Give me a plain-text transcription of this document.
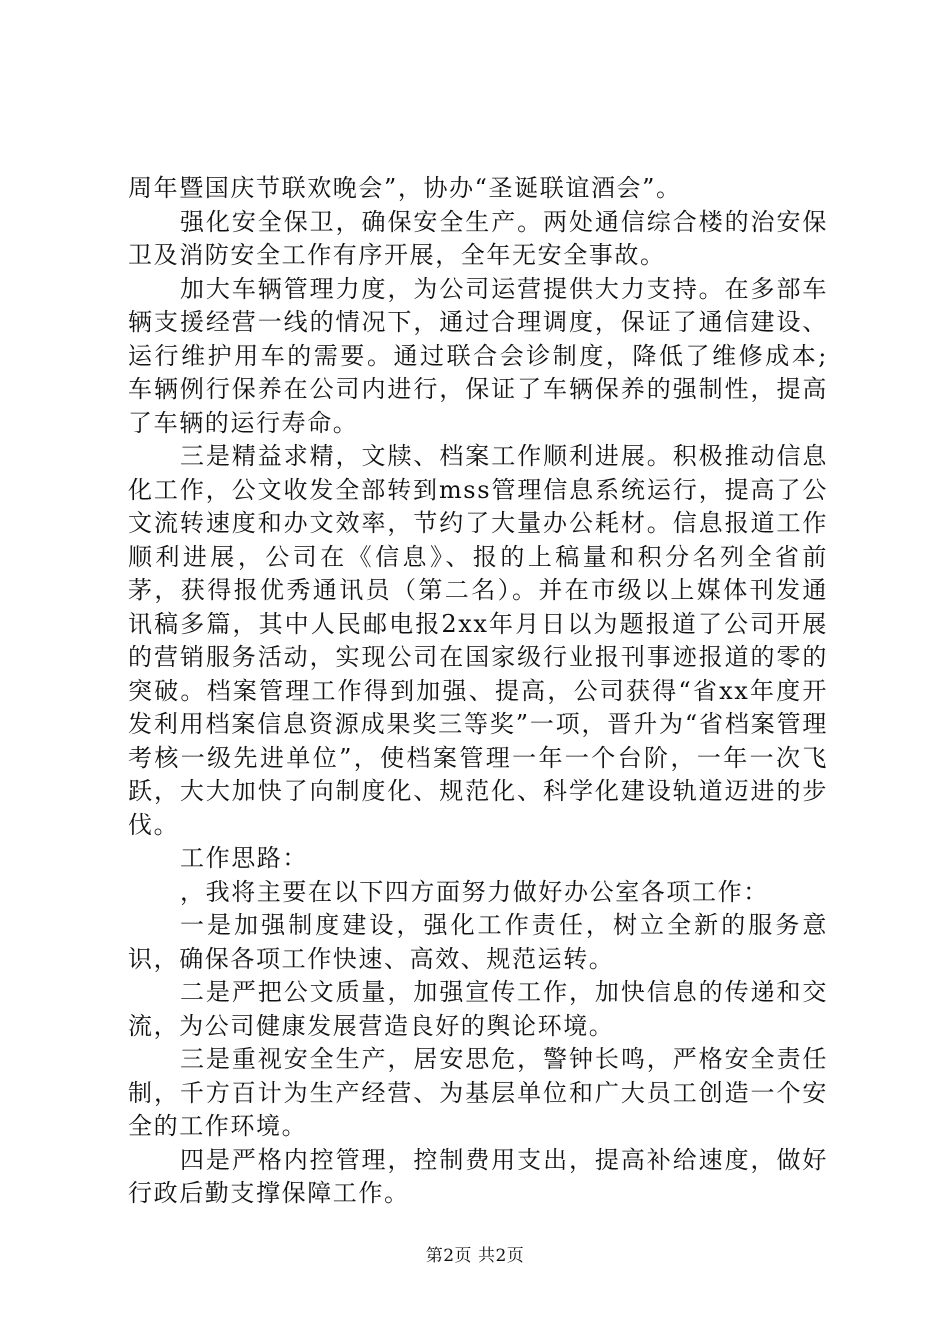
周年暨国庆节联欢晚会”，协办“圣诞联谊酒会”。

强化安全保卫，确保安全生产。两处通信综合楼的治安保卫及消防安全工作有序开展，全年无安全事故。

加大车辆管理力度，为公司运营提供大力支持。在多部车辆支援经营一线的情况下，通过合理调度，保证了通信建设、运行维护用车的需要。通过联合会诊制度，降低了维修成本;车辆例行保养在公司内进行，保证了车辆保养的强制性，提高了车辆的运行寿命。

三是精益求精，文牍、档案工作顺利进展。积极推动信息化工作，公文收发全部转到mss管理信息系统运行，提高了公文流转速度和办文效率，节约了大量办公耗材。信息报道工作顺利进展，公司在《信息》、报的上稿量和积分名列全省前茅，获得报优秀通讯员（第二名）。并在市级以上媒体刊发通讯稿多篇，其中人民邮电报2xx年月日以为题报道了公司开展的营销服务活动，实现公司在国家级行业报刊事迹报道的零的突破。档案管理工作得到加强、提高，公司获得“省xx年度开发利用档案信息资源成果奖三等奖”一项，晋升为“省档案管理考核一级先进单位”，使档案管理一年一个台阶，一年一次飞跃，大大加快了向制度化、规范化、科学化建设轨道迈进的步伐。

工作思路：

，我将主要在以下四方面努力做好办公室各项工作：

一是加强制度建设，强化工作责任，树立全新的服务意识，确保各项工作快速、高效、规范运转。

二是严把公文质量，加强宣传工作，加快信息的传递和交流，为公司健康发展营造良好的舆论环境。

三是重视安全生产，居安思危，警钟长鸣，严格安全责任制，千方百计为生产经营、为基层单位和广大员工创造一个安全的工作环境。

四是严格内控管理，控制费用支出，提高补给速度，做好行政后勤支撑保障工作。

第2页 共2页
